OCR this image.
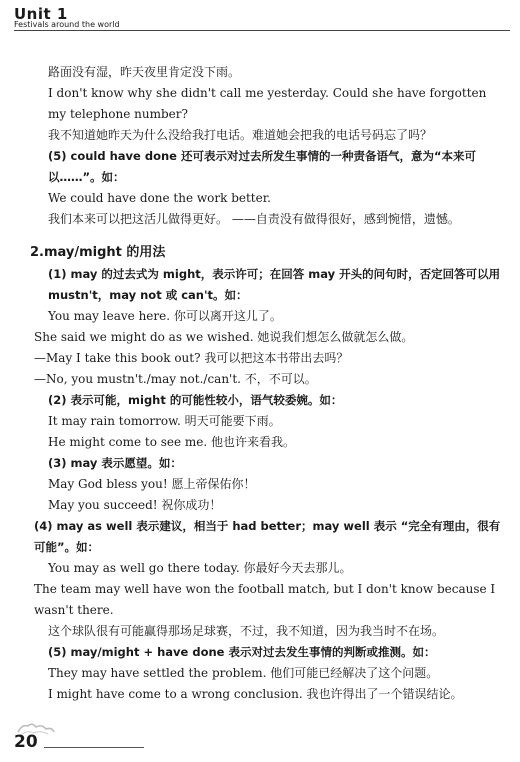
Unit 1
Festivals around the world
路面没有湿，昨天夜里肯定没下雨。
I don't know why she didn't call me yesterday. Could she have forgotten my telephone number?
我不知道她昨天为什么没给我打电话。难道她会把我的电话号码忘了吗？
(5) could have done 还可表示对过去所发生事情的一种责备语气，意为“本来可以……”。如：
We could have done the work better.
我们本来可以把这活儿做得更好。 ——自责没有做得很好，感到惋惜，遗憾。
2.may/might 的用法
(1) may 的过去式为 might，表示许可；在回答 may 开头的问句时，否定回答可以用 mustn't，may not 或 can't。如：
You may leave here. 你可以离开这儿了。
She said we might do as we wished. 她说我们想怎么做就怎么做。
—May I take this book out? 我可以把这本书带出去吗？
—No, you mustn't./may not./can't. 不，不可以。
(2) 表示可能，might 的可能性较小，语气较委婉。如：
It may rain tomorrow. 明天可能要下雨。
He might come to see me. 他也许来看我。
(3) may 表示愿望。如：
May God bless you! 愿上帝保佑你！
May you succeed! 祝你成功！
(4) may as well 表示建议，相当于 had better；may well 表示 “完全有理由，很有可能”。如：
You may as well go there today. 你最好今天去那儿。
The team may well have won the football match, but I don't know because I wasn't there.
这个球队很有可能赢得那场足球赛，不过，我不知道，因为我当时不在场。
(5) may/might + have done 表示对过去发生事情的判断或推测。如：
They may have settled the problem. 他们可能已经解决了这个问题。
I might have come to a wrong conclusion. 我也许得出了一个错误结论。
20
